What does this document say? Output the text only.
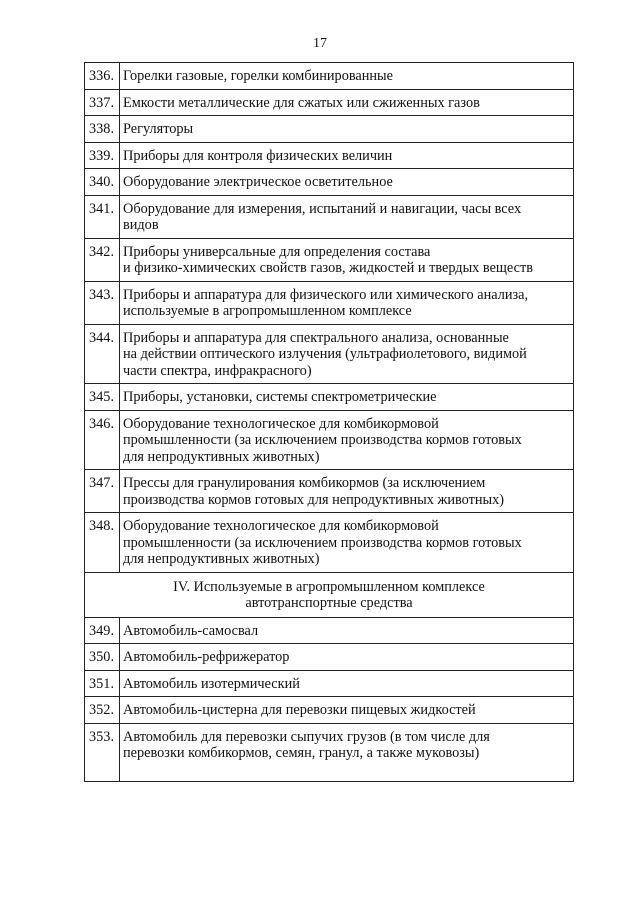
17
336.	Горелки газовые, горелки комбинированные

337.	Емкости металлические для сжатых или сжиженных газов

338.	Регуляторы

339.	Приборы для контроля физических величин

340.	Оборудование электрическое осветительное

341.	Оборудование для измерения, испытаний и навигации, часы всех
видов

342.	Приборы универсальные для определения состава
и физико-химических свойств газов, жидкостей и твердых веществ

343.	Приборы и аппаратура для физического или химического анализа,
используемые в агропромышленном комплексе

344.	Приборы и аппаратура для спектрального анализа, основанные
на действии оптического излучения (ультрафиолетового, видимой
части спектра, инфракрасного)

345.	Приборы, установки, системы спектрометрические

346.	Оборудование технологическое для комбикормовой
промышленности (за исключением производства кормов готовых
для непродуктивных животных)

347.	Прессы для гранулирования комбикормов (за исключением
производства кормов готовых для непродуктивных животных)

348.	Оборудование технологическое для комбикормовой
промышленности (за исключением производства кормов готовых
для непродуктивных животных)

IV. Используемые в агропромышленном комплексе
автотранспортные средства	

349.	Автомобиль-самосвал

350.	Автомобиль-рефрижератор

351.	Автомобиль изотермический

352.	Автомобиль-цистерна для перевозки пищевых жидкостей

353.	Автомобиль для перевозки сыпучих грузов (в том числе для
перевозки комбикормов, семян, гранул, а также муковозы)
